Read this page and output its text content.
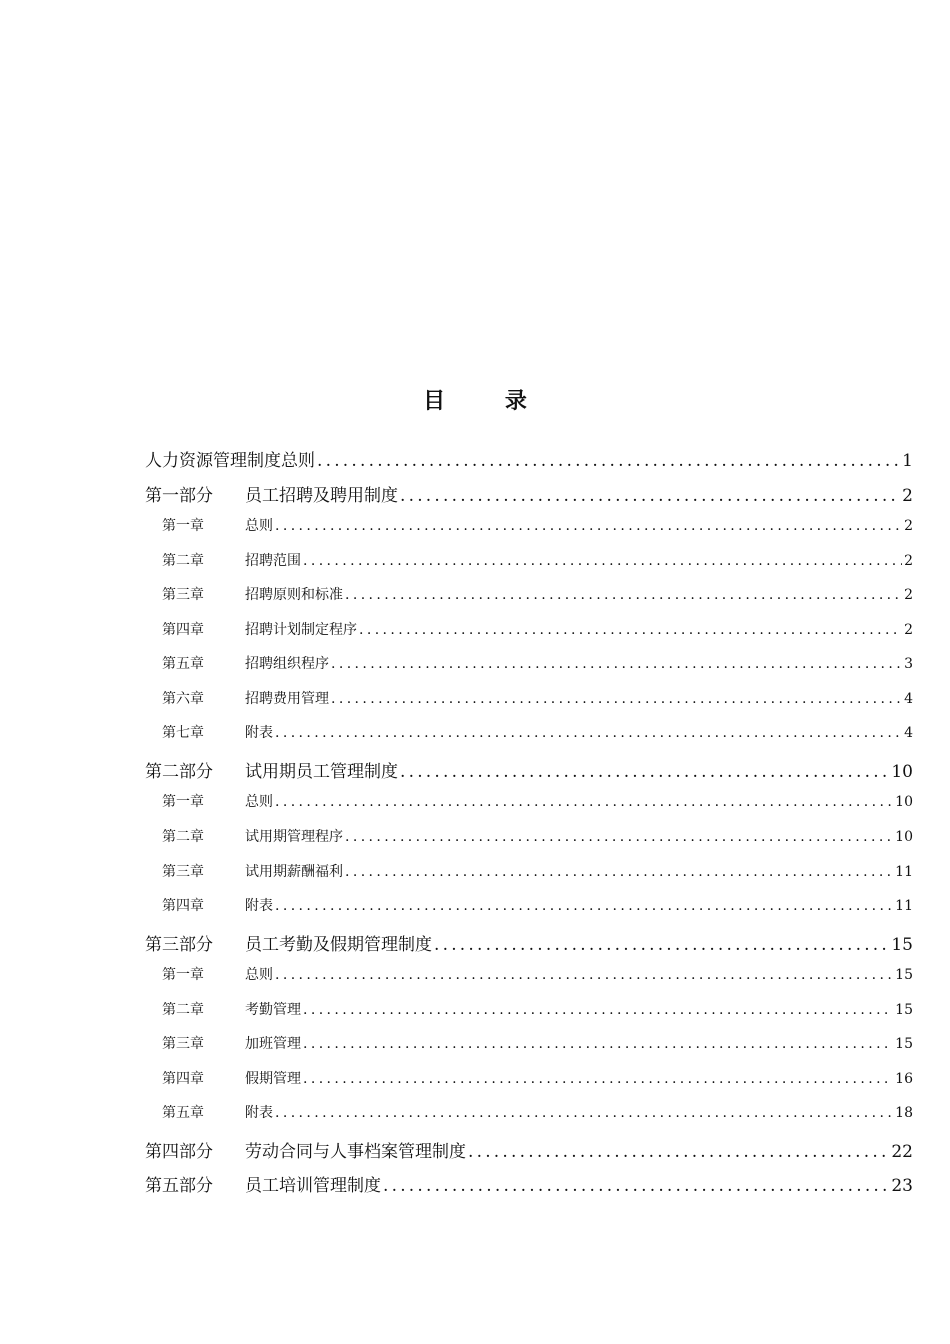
目 录
人力资源管理制度总则 .....	1
第一部分	员工招聘及聘用制度 .....	2
第一章	总则 .....	2
第二章	招聘范围 .....	2
第三章	招聘原则和标准 .....	2
第四章	招聘计划制定程序 .....	2
第五章	招聘组织程序 .....	3
第六章	招聘费用管理 .....	4
第七章	附表 .....	4
第二部分	试用期员工管理制度 .....	10
第一章	总则 .....	10
第二章	试用期管理程序 .....	10
第三章	试用期薪酬福利 .....	11
第四章	附表 .....	11
第三部分	员工考勤及假期管理制度 .....	15
第一章	总则 .....	15
第二章	考勤管理 .....	15
第三章	加班管理 .....	15
第四章	假期管理 .....	16
第五章	附表 .....	18
第四部分	劳动合同与人事档案管理制度 .....	22
第五部分	员工培训管理制度 .....	23
